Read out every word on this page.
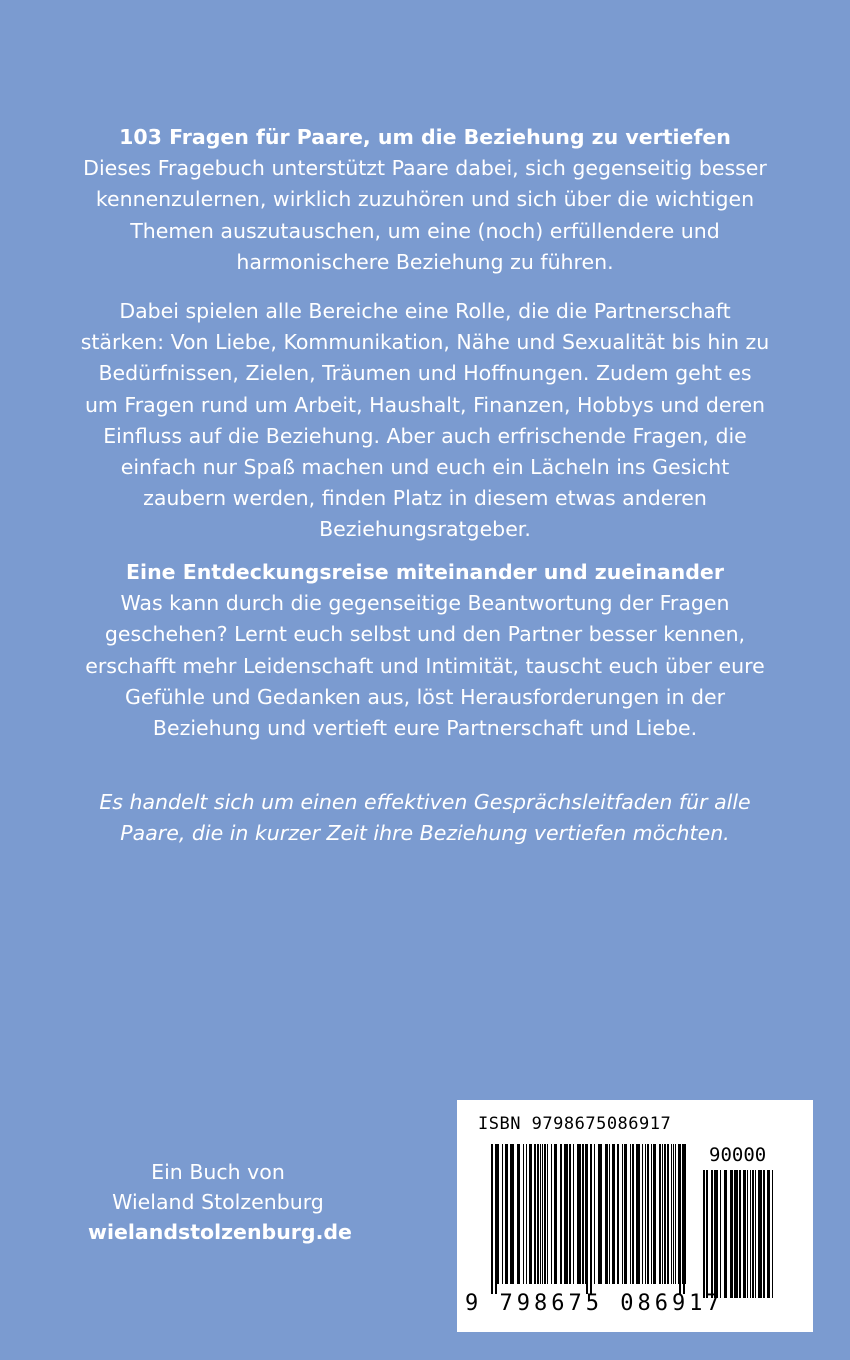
103 Fragen für Paare, um die Beziehung zu vertiefen

Dieses Fragebuch unterstützt Paare dabei, sich gegenseitig besser kennenzulernen, wirklich zuzuhören und sich über die wichtigen Themen auszutauschen, um eine (noch) erfüllendere und harmonischere Beziehung zu führen.

Dabei spielen alle Bereiche eine Rolle, die die Partnerschaft stärken: Von Liebe, Kommunikation, Nähe und Sexualität bis hin zu Bedürfnissen, Zielen, Träumen und Hoffnungen. Zudem geht es um Fragen rund um Arbeit, Haushalt, Finanzen, Hobbys und deren Einfluss auf die Beziehung. Aber auch erfrischende Fragen, die einfach nur Spaß machen und euch ein Lächeln ins Gesicht zaubern werden, finden Platz in diesem etwas anderen Beziehungsratgeber.

Eine Entdeckungsreise miteinander und zueinander

Was kann durch die gegenseitige Beantwortung der Fragen geschehen? Lernt euch selbst und den Partner besser kennen, erschafft mehr Leidenschaft und Intimität, tauscht euch über eure Gefühle und Gedanken aus, löst Herausforderungen in der Beziehung und vertieft eure Partnerschaft und Liebe.

Es handelt sich um einen effektiven Gesprächsleitfaden für alle Paare, die in kurzer Zeit ihre Beziehung vertiefen möchten.

Ein Buch von
Wieland Stolzenburg
wielandstolzenburg.de
ISBN 9798675086917
90000
9 798675 086917
